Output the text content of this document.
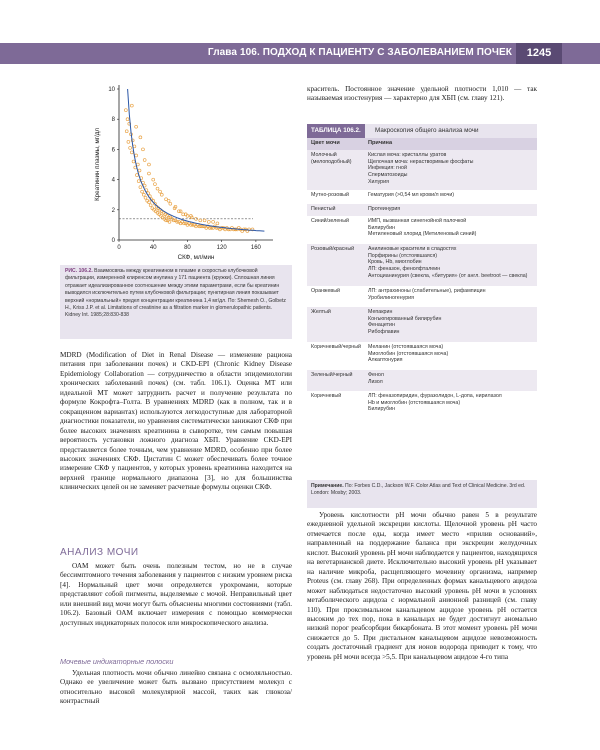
Глава 106. ПОДХОД К ПАЦИЕНТУ С ЗАБОЛЕВАНИЕМ ПОЧЕК	1245
0
2
4
6
8
10
0	40	80	120	160
СКФ, мл/мин
Креатинин плазмы, мг/дл
РИС. 106.2. Взаимосвязь между креатинином в плазме и скоростью клубочковой фильтрации, измеренной клиренсом инулина у 171 пациента (кружки). Сплошная линия отражает идеализированное соотношение между этими параметрами, если бы креатинин выводился исключительно путем клубочковой фильтрации; пунктирная линия показывает верхний «нормальный» предел концентрации креатинина 1,4 мг/дл. По: Shemesh O., Golbetz H., Kriss J.P. et al. Limitations of creatinine as a filtration marker in glomerulopathic patients. Kidney Int. 1985;28:830-838

MDRD (Modification of Diet in Renal Disease — изменение рациона питания при заболевании почек) и CKD-EPI (Chronic Kidney Disease Epidemiology Collaboration — сотрудничество в области эпидемиологии хронических заболеваний почек) (см. табл. 106.1). Оценка МТ или идеальной МТ может затруднить расчет и получение результата по формуле Кокрофта–Голта. В уравнениях MDRD (как в полном, так и в сокращенном вариантах) используются легкодоступные для лабораторной диагностики показатели, но уравнения систематически занижают СКФ при более высоких значениях креатинина в сыворотке, тем самым повышая вероятность установки ложного диагноза ХБП. Уравнение CKD-EPI представляется более точным, чем уравнение MDRD, особенно при более высоких значениях СКФ. Цистатин С может обеспечивать более точное измерение СКФ у пациентов, у которых уровень креатинина находится на верхней границе нормального диапазона [3], но для большинства клинических целей он не заменяет расчетные формулы оценки СКФ.

АНАЛИЗ МОЧИ

ОАМ может быть очень полезным тестом, но не в случае бессимптомного течения заболевания у пациентов с низким уровнем риска [4]. Нормальный цвет мочи определяется урохромами, которые представляют собой пигменты, выделяемые с мочой. Неправильный цвет или внешний вид мочи могут быть объяснены многими состояниями (табл. 106.2). Базовый ОАМ включает измерения с помощью коммерчески доступных индикаторных полосок или микроскопического анализа.

Мочевые индикаторные полоски

Удельная плотность мочи обычно линейно связана с осмоляльностью. Однако ее увеличение может быть вызвано присутствием молекул с относительно высокой молекулярной массой, таких как глюкоза/контрастный

краситель. Постоянное значение удельной плотности 1,010 — так называемая изостенурия — характерно для ХБП (см. главу 121).

ТАБЛИЦА 106.2.	Макроскопия общего анализа мочи
Цвет мочи	Причина
Молочный (мелоподобный)
Кислая моча: кристаллы уратов
Щелочная моча: нерастворимые фосфаты
Инфекция: гной
Сперматозоиды
Хилурия
Мутно-розовый	Гематурия (>0,54 мл крови/л мочи)
Пенистый	Протеинурия
Синий/зеленый	ИМП, вызванная синегнойной палочкой
Билирубин
Метиленовый хлорид (Метиленовый синий)
Розовый/красный	Анилиновые красители в сладостях
Порфирины (отстоявшаяся)
Кровь, Hb, миоглобин
ЛП: феназон, фенолфталеин
Антоцианинурия (свекла, «битурия» (от англ. beetroot — свекла)
Оранжевый	ЛП: антрахиноны (слабительные), рифампицин
Уробилиногенурия
Желтый	Мепакрин
Конъюгированный билирубин
Фенацетин
Рибофлавин
Коричневый/черный Меланин (отстоявшаяся моча)
Миоглобин (отстоявшаяся моча)
Алкаптонурия
Зеленый/черный	Фенол
Лизол
Коричневый	ЛП: феназопиридин, фуразолидон, L-допа, нирилазол
Hb и миоглобин (отстоявшаяся моча)
Билирубин
Примечание. По: Forbes C.D., Jackson W.F. Color Atlas and Text of Clinical Medicine. 3rd ed. London: Mosby; 2003.

Уровень кислотности рН мочи обычно равен 5 в результате ежедневной удельной экскреции кислоты. Щелочной уровень рН часто отмечается после еды, когда имеет место «прилив оснований», направленный на поддержание баланса при экскреции желудочных кислот. Высокий уровень рН мочи наблюдается у пациентов, находящихся на вегетарианской диете. Исключительно высокий уровень рН указывает на наличие микроба, расщепляющего мочевину организма, например Proteus (см. главу 268). При определенных формах канальцевого ацидоза может наблюдаться недостаточно высокий уровень рН мочи в условиях метаболического ацидоза с нормальной анионной разницей (см. главу 110). При проксимальном канальцевом ацидозе уровень рН остается высоким до тех пор, пока в канальцах не будет достигнут аномально низкий порог реабсорбции бикарбоната. В этот момент уровень рН мочи снижается до 5. При дистальном канальцевом ацидозе невозможность создать достаточный градиент для ионов водорода приводит к тому, что уровень рН мочи всегда >5,5. При канальцевом ацидозе 4-го типа
